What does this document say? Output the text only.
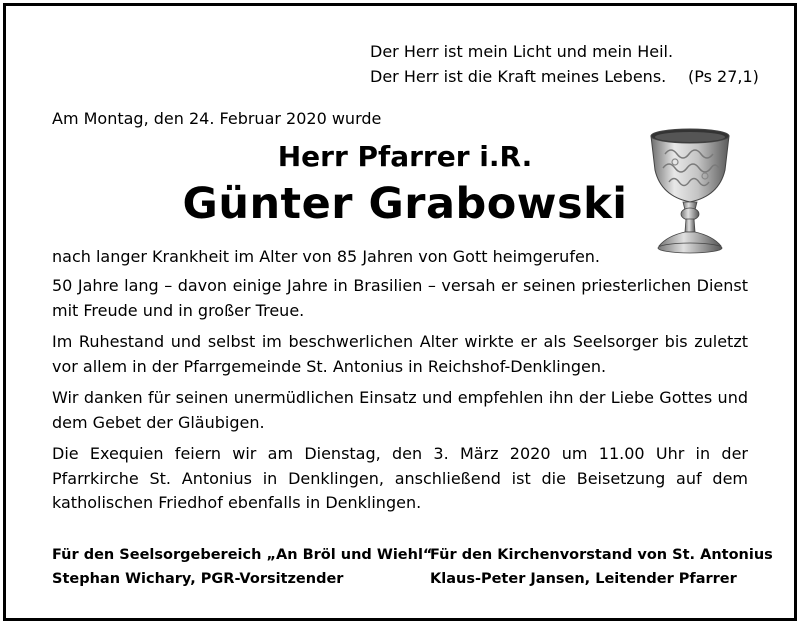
Der Herr ist mein Licht und mein Heil.
Der Herr ist die Kraft meines Lebens. (Ps 27,1)
Am Montag, den 24. Februar 2020 wurde
Herr Pfarrer i.R.
Günter Grabowski
nach langer Krankheit im Alter von 85 Jahren von Gott heimgerufen.
50 Jahre lang – davon einige Jahre in Brasilien – versah er seinen priesterlichen Dienst mit Freude und in großer Treue.
Im Ruhestand und selbst im beschwerlichen Alter wirkte er als Seelsorger bis zuletzt vor allem in der Pfarrgemeinde St. Antonius in Reichshof-Denklingen.
Wir danken für seinen unermüdlichen Einsatz und empfehlen ihn der Liebe Gottes und dem Gebet der Gläubigen.
Die Exequien feiern wir am Dienstag, den 3. März 2020 um 11.00 Uhr in der Pfarrkirche St. Antonius in Denklingen, anschließend ist die Beisetzung auf dem katholischen Friedhof ebenfalls in Denklingen.
Für den Seelsorgebereich „An Bröl und Wiehl“
Stephan Wichary, PGR-Vorsitzender
Für den Kirchenvorstand von St. Antonius
Klaus-Peter Jansen, Leitender Pfarrer
